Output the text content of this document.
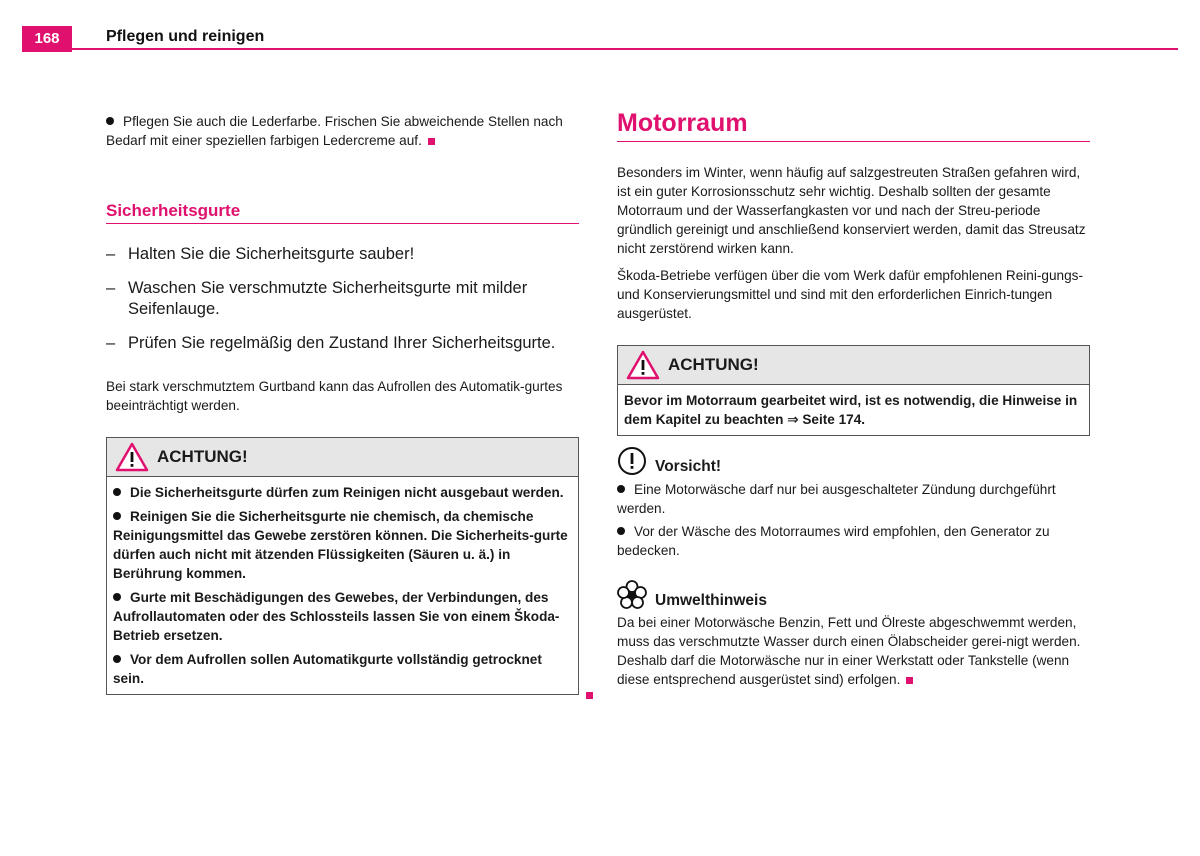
168	Pflegen und reinigen

Pflegen Sie auch die Lederfarbe. Frischen Sie abweichende Stellen nach Bedarf mit einer speziellen farbigen Ledercreme auf.

Sicherheitsgurte
– Halten Sie die Sicherheitsgurte sauber!
– Waschen Sie verschmutzte Sicherheitsgurte mit milder Seifenlauge.
– Prüfen Sie regelmäßig den Zustand Ihrer Sicherheitsgurte.

Bei stark verschmutztem Gurtband kann das Aufrollen des Automatik-gurtes beeinträchtigt werden.

ACHTUNG!

Die Sicherheitsgurte dürfen zum Reinigen nicht ausgebaut werden.

Reinigen Sie die Sicherheitsgurte nie chemisch, da chemische Reinigungsmittel das Gewebe zerstören können. Die Sicherheits-gurte dürfen auch nicht mit ätzenden Flüssigkeiten (Säuren u. ä.) in Berührung kommen.

Gurte mit Beschädigungen des Gewebes, der Verbindungen, des Aufrollautomaten oder des Schlossteils lassen Sie von einem Škoda-Betrieb ersetzen.

Vor dem Aufrollen sollen Automatikgurte vollständig getrocknet sein.

Motorraum

Besonders im Winter, wenn häufig auf salzgestreuten Straßen gefahren wird, ist ein guter Korrosionsschutz sehr wichtig. Deshalb sollten der gesamte Motorraum und der Wasserfangkasten vor und nach der Streu-periode gründlich gereinigt und anschließend konserviert werden, damit das Streusatz nicht zerstörend wirken kann.

Škoda-Betriebe verfügen über die vom Werk dafür empfohlenen Reini-gungs- und Konservierungsmittel und sind mit den erforderlichen Einrich-tungen ausgerüstet.

ACHTUNG!
Bevor im Motorraum gearbeitet wird, ist es notwendig, die Hinweise in dem Kapitel zu beachten ⇒ Seite 174.
Vorsicht!

Eine Motorwäsche darf nur bei ausgeschalteter Zündung durchgeführt werden.

Vor der Wäsche des Motorraumes wird empfohlen, den Generator zu bedecken.

Umwelthinweis

Da bei einer Motorwäsche Benzin, Fett und Ölreste abgeschwemmt werden, muss das verschmutzte Wasser durch einen Ölabscheider gerei-nigt werden. Deshalb darf die Motorwäsche nur in einer Werkstatt oder Tankstelle (wenn diese entsprechend ausgerüstet sind) erfolgen.
